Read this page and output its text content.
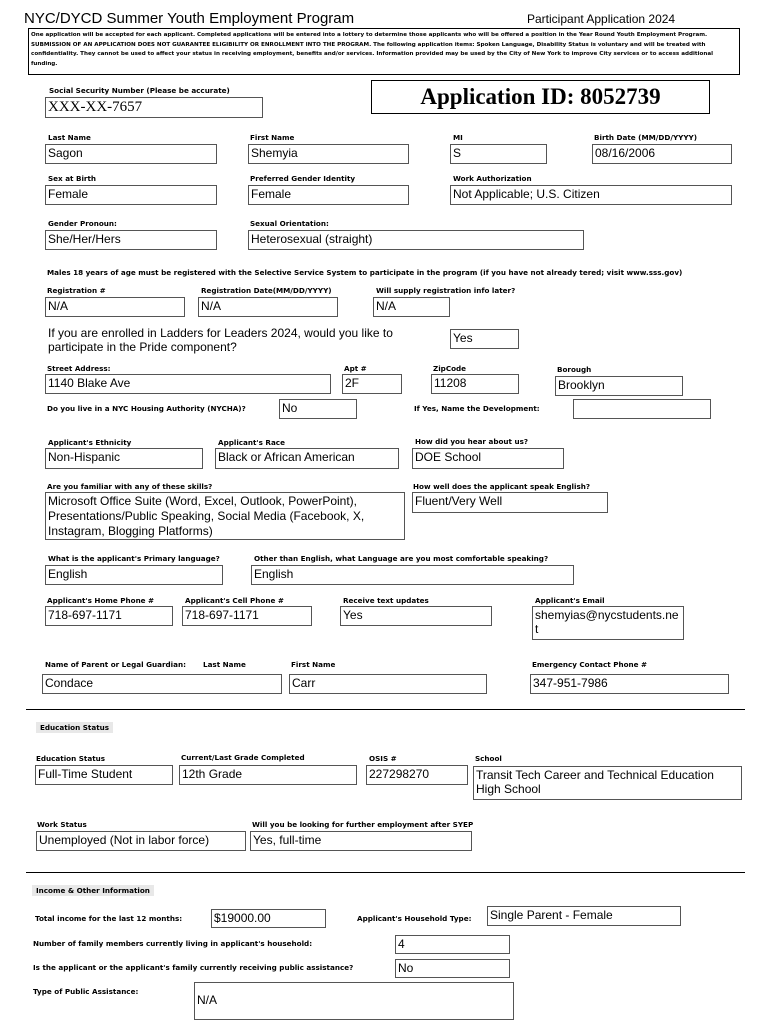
NYC/DYCD Summer Youth Employment Program	Participant Application 2024
One application will be accepted for each applicant. Completed applications will be entered into a lottery to determine those applicants who will be offered a position in the Year Round Youth Employment Program. SUBMISSION OF AN APPLICATION DOES NOT GUARANTEE ELIGIBILITY OR ENROLLMENT INTO THE PROGRAM. The following application items: Spoken Language, Disability Status is voluntary and will be treated with confidentiality. They cannot be used to affect your status in receiving employment, benefits and/or services. Information provided may be used by the City of New York to improve City services or to access additional funding.
Social Security Number (Please be accurate)
XXX-XX-7657	Application ID: 8052739
Last Name
Sagon
First Name
Shemyia
MI
S
Birth Date (MM/DD/YYYY)
08/16/2006
Sex at Birth
Female
Preferred Gender Identity
Female
Work Authorization
Not Applicable; U.S. Citizen
Gender Pronoun:
She/Her/Hers
Sexual Orientation:
Heterosexual (straight)
Males 18 years of age must be registered with the Selective Service System to participate in the program (if you have not already tered; visit www.sss.gov)
Registration #
N/A
Registration Date(MM/DD/YYYY)
N/A
Will supply registration info later?
N/A
If you are enrolled in Ladders for Leaders 2024, would you like to participate in the Pride component?
Yes
Street Address:
1140 Blake Ave
Apt #
2F
ZipCode
11208
Borough
Brooklyn
Do you live in a NYC Housing Authority (NYCHA)?	No	If Yes, Name the Development:
Applicant's Ethnicity
Non-Hispanic
Applicant's Race
Black or African American
How did you hear about us?
DOE School
Are you familiar with any of these skills?
Microsoft Office Suite (Word, Excel, Outlook, PowerPoint), Presentations/Public Speaking, Social Media (Facebook, X, Instagram, Blogging Platforms)
How well does the applicant speak English?
Fluent/Very Well
What is the applicant's Primary language?
English
Other than English, what Language are you most comfortable speaking?
English
Applicant's Home Phone #
718-697-1171
Applicant's Cell Phone #
718-697-1171
Receive text updates
Yes
Applicant's Email
shemyias@nycstudents.net
Name of Parent or Legal Guardian: Last Name	First Name
Condace	Carr
Emergency Contact Phone #
347-951-7986
Education Status
Education Status
Full-Time Student
Current/Last Grade Completed
12th Grade
OSIS #
227298270
School
Transit Tech Career and Technical Education High School
Work Status
Unemployed (Not in labor force)
Will you be looking for further employment after SYEP
Yes, full-time
Income & Other Information
Total income for the last 12 months:	$19000.00	Applicant's Household Type: Single Parent - Female
Number of family members currently living in applicant's household:	4
Is the applicant or the applicant's family currently receiving public assistance?	No
Type of Public Assistance:
N/A
